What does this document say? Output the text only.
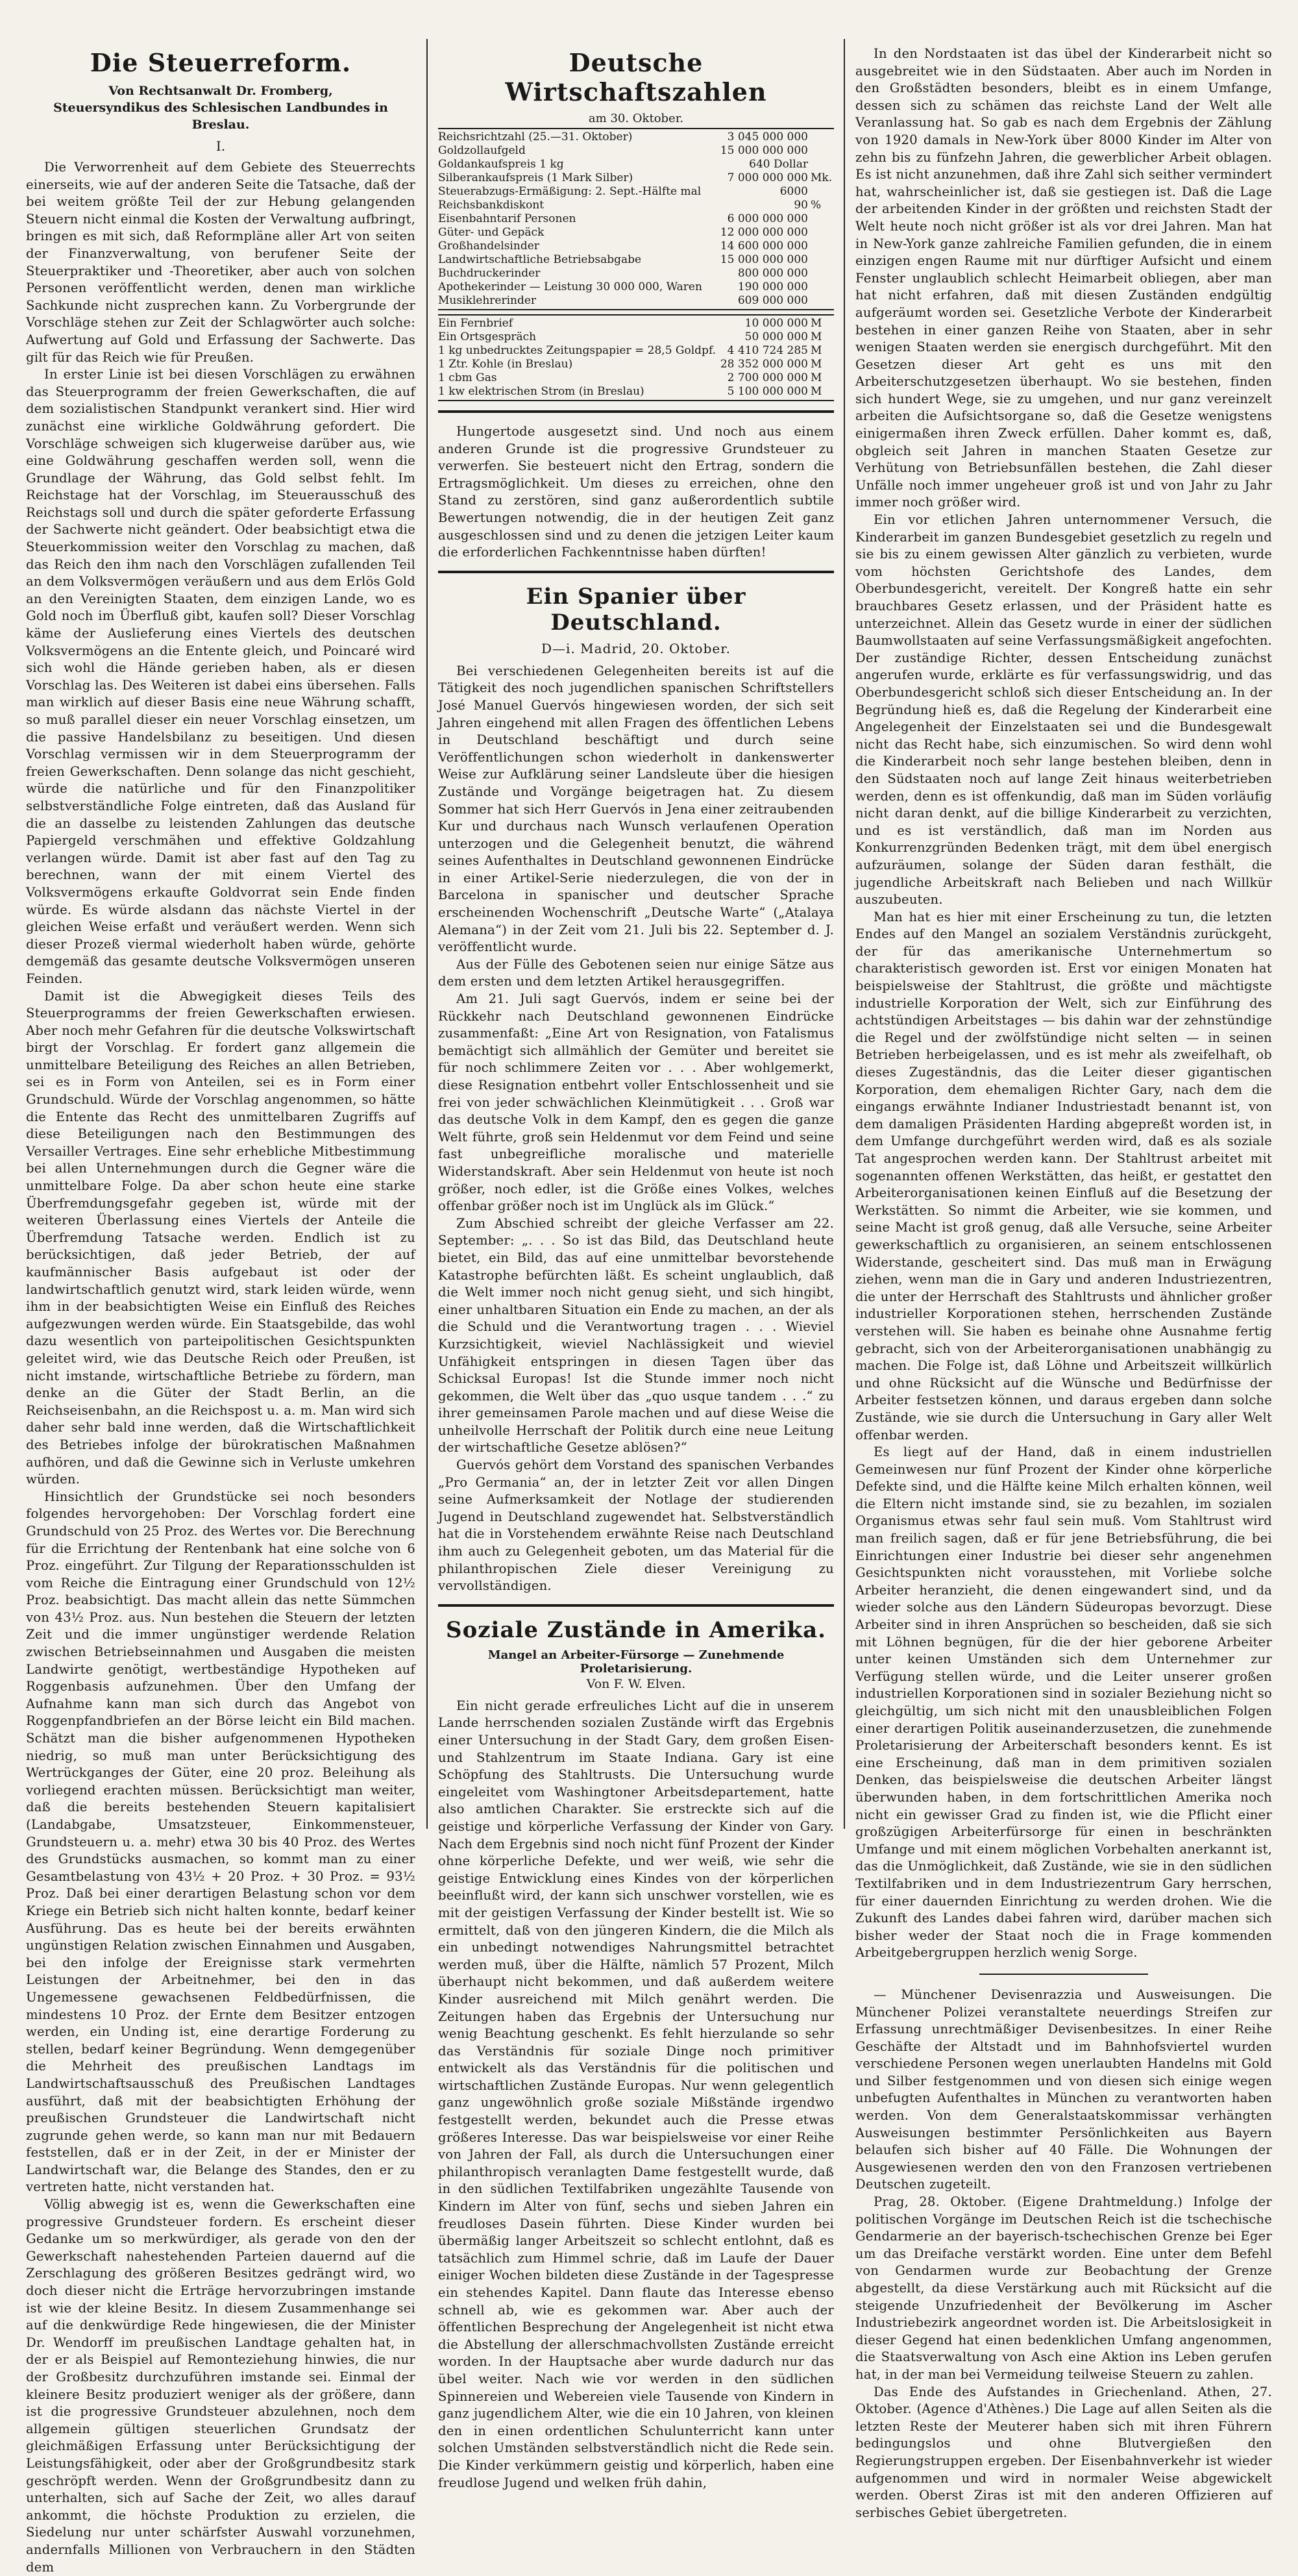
Die Steuerreform.
Von Rechtsanwalt Dr. Fromberg,
Steuersyndikus des Schlesischen Landbundes in Breslau.
I.

Die Verworrenheit auf dem Gebiete des Steuerrechts einerseits, wie auf der anderen Seite die Tatsache, daß der bei weitem größte Teil der zur Hebung gelangenden Steuern nicht einmal die Kosten der Verwaltung aufbringt, bringen es mit sich, daß Reformpläne aller Art von seiten der Finanzverwaltung, von berufener Seite der Steuerpraktiker und -Theoretiker, aber auch von solchen Personen veröffentlicht werden, denen man wirkliche Sachkunde nicht zusprechen kann. Zu Vorbergrunde der Vorschläge stehen zur Zeit der Schlagwörter auch solche: Aufwertung auf Gold und Erfassung der Sachwerte. Das gilt für das Reich wie für Preußen.

In erster Linie ist bei diesen Vorschlägen zu erwähnen das Steuerprogramm der freien Gewerkschaften, die auf dem sozialistischen Standpunkt verankert sind. Hier wird zunächst eine wirkliche Goldwährung gefordert. Die Vorschläge schweigen sich klugerweise darüber aus, wie eine Goldwährung geschaffen werden soll, wenn die Grundlage der Währung, das Gold selbst fehlt. Im Reichstage hat der Vorschlag, im Steuerausschuß des Reichstags soll und durch die später geforderte Erfassung der Sachwerte nicht geändert. Oder beabsichtigt etwa die Steuerkommission weiter den Vorschlag zu machen, daß das Reich den ihm nach den Vorschlägen zufallenden Teil an dem Volksvermögen veräußern und aus dem Erlös Gold an den Vereinigten Staaten, dem einzigen Lande, wo es Gold noch im Überfluß gibt, kaufen soll? Dieser Vorschlag käme der Auslieferung eines Viertels des deutschen Volksvermögens an die Entente gleich, und Poincaré wird sich wohl die Hände gerieben haben, als er diesen Vorschlag las. Des Weiteren ist dabei eins übersehen. Falls man wirklich auf dieser Basis eine neue Währung schafft, so muß parallel dieser ein neuer Vorschlag einsetzen, um die passive Handelsbilanz zu beseitigen. Und diesen Vorschlag vermissen wir in dem Steuerprogramm der freien Gewerkschaften. Denn solange das nicht geschieht, würde die natürliche und für den Finanzpolitiker selbstverständliche Folge eintreten, daß das Ausland für die an dasselbe zu leistenden Zahlungen das deutsche Papiergeld verschmähen und effektive Goldzahlung verlangen würde. Damit ist aber fast auf den Tag zu berechnen, wann der mit einem Viertel des Volksvermögens erkaufte Goldvorrat sein Ende finden würde. Es würde alsdann das nächste Viertel in der gleichen Weise erfaßt und veräußert werden. Wenn sich dieser Prozeß viermal wiederholt haben würde, gehörte demgemäß das gesamte deutsche Volksvermögen unseren Feinden.

Damit ist die Abwegigkeit dieses Teils des Steuerprogramms der freien Gewerkschaften erwiesen. Aber noch mehr Gefahren für die deutsche Volkswirtschaft birgt der Vorschlag. Er fordert ganz allgemein die unmittelbare Beteiligung des Reiches an allen Betrieben, sei es in Form von Anteilen, sei es in Form einer Grundschuld. Würde der Vorschlag angenommen, so hätte die Entente das Recht des unmittelbaren Zugriffs auf diese Beteiligungen nach den Bestimmungen des Versailler Vertrages. Eine sehr erhebliche Mitbestimmung bei allen Unternehmungen durch die Gegner wäre die unmittelbare Folge. Da aber schon heute eine starke Überfremdungsgefahr gegeben ist, würde mit der weiteren Überlassung eines Viertels der Anteile die Überfremdung Tatsache werden. Endlich ist zu berücksichtigen, daß jeder Betrieb, der auf kaufmännischer Basis aufgebaut ist oder der landwirtschaftlich genutzt wird, stark leiden würde, wenn ihm in der beabsichtigten Weise ein Einfluß des Reiches aufgezwungen werden würde. Ein Staatsgebilde, das wohl dazu wesentlich von parteipolitischen Gesichtspunkten geleitet wird, wie das Deutsche Reich oder Preußen, ist nicht imstande, wirtschaftliche Betriebe zu fördern, man denke an die Güter der Stadt Berlin, an die Reichseisenbahn, an die Reichspost u. a. m. Man wird sich daher sehr bald inne werden, daß die Wirtschaftlichkeit des Betriebes infolge der bürokratischen Maßnahmen aufhören, und daß die Gewinne sich in Verluste umkehren würden.

Hinsichtlich der Grundstücke sei noch besonders folgendes hervorgehoben: Der Vorschlag fordert eine Grundschuld von 25 Proz. des Wertes vor. Die Berechnung für die Errichtung der Rentenbank hat eine solche von 6 Proz. eingeführt. Zur Tilgung der Reparationsschulden ist vom Reiche die Eintragung einer Grundschuld von 12½ Proz. beabsichtigt. Das macht allein das nette Sümmchen von 43½ Proz. aus. Nun bestehen die Steuern der letzten Zeit und die immer ungünstiger werdende Relation zwischen Betriebseinnahmen und Ausgaben die meisten Landwirte genötigt, wertbeständige Hypotheken auf Roggenbasis aufzunehmen. Über den Umfang der Aufnahme kann man sich durch das Angebot von Roggenpfandbriefen an der Börse leicht ein Bild machen. Schätzt man die bisher aufgenommenen Hypotheken niedrig, so muß man unter Berücksichtigung des Wertrückganges der Güter, eine 20 proz. Beleihung als vorliegend erachten müssen. Berücksichtigt man weiter, daß die bereits bestehenden Steuern kapitalisiert (Landabgabe, Umsatzsteuer, Einkommensteuer, Grundsteuern u. a. mehr) etwa 30 bis 40 Proz. des Wertes des Grundstücks ausmachen, so kommt man zu einer Gesamtbelastung von 43½ + 20 Proz. + 30 Proz. = 93½ Proz. Daß bei einer derartigen Belastung schon vor dem Kriege ein Betrieb sich nicht halten konnte, bedarf keiner Ausführung. Das es heute bei der bereits erwähnten ungünstigen Relation zwischen Einnahmen und Ausgaben, bei den infolge der Ereignisse stark vermehrten Leistungen der Arbeitnehmer, bei den in das Ungemessene gewachsenen Feldbedürfnissen, die mindestens 10 Proz. der Ernte dem Besitzer entzogen werden, ein Unding ist, eine derartige Forderung zu stellen, bedarf keiner Begründung. Wenn demgegenüber die Mehrheit des preußischen Landtags im Landwirtschaftsausschuß des Preußischen Landtages ausführt, daß mit der beabsichtigten Erhöhung der preußischen Grundsteuer die Landwirtschaft nicht zugrunde gehen werde, so kann man nur mit Bedauern feststellen, daß er in der Zeit, in der er Minister der Landwirtschaft war, die Belange des Standes, den er zu vertreten hatte, nicht verstanden hat.

Völlig abwegig ist es, wenn die Gewerkschaften eine progressive Grundsteuer fordern. Es erscheint dieser Gedanke um so merkwürdiger, als gerade von den der Gewerkschaft nahestehenden Parteien dauernd auf die Zerschlagung des größeren Besitzes gedrängt wird, wo doch dieser nicht die Erträge hervorzubringen imstande ist wie der kleine Besitz. In diesem Zusammenhange sei auf die denkwürdige Rede hingewiesen, die der Minister Dr. Wendorff im preußischen Landtage gehalten hat, in der er als Beispiel auf Remonteziehung hinwies, die nur der Großbesitz durchzuführen imstande sei. Einmal der kleinere Besitz produziert weniger als der größere, dann ist die progressive Grundsteuer abzulehnen, noch dem allgemein gültigen steuerlichen Grundsatz der gleichmäßigen Erfassung unter Berücksichtigung der Leistungsfähigkeit, oder aber der Großgrundbesitz stark geschröpft werden. Wenn der Großgrundbesitz dann zu unterhalten, sich auf Sache der Zeit, wo alles darauf ankommt, die höchste Produktion zu erzielen, die Siedelung nur unter schärfster Auswahl vorzunehmen, andernfalls Millionen von Verbrauchern in den Städten dem

Deutsche Wirtschaftszahlen
am 30. Oktober.
Reichsrichtzahl (25.—31. Oktober)	3 045 000 000	
Goldzollaufgeld	15 000 000 000	
Goldankaufspreis 1 kg	640 Dollar	
Silberankaufspreis (1 Mark Silber)	7 000 000 000	Mk.
Steuerabzugs-Ermäßigung: 2. Sept.-Hälfte mal	6000	
Reichsbankdiskont	90	%
Eisenbahntarif Personen	6 000 000 000	
Güter- und Gepäck	12 000 000 000	
Großhandelsinder	14 600 000 000	
Landwirtschaftliche Betriebsabgabe	15 000 000 000	
Buchdruckerinder	800 000 000	
Apothekerinder — Leistung 30 000 000, Waren	190 000 000	
Musiklehrerinder	609 000 000	
Ein Fernbrief	10 000 000	M
Ein Ortsgespräch	50 000 000	M
1 kg unbedrucktes Zeitungspapier = 28,5 Goldpf.	4 410 724 285	M
1 Ztr. Kohle (in Breslau)	28 352 000 000	M
1 cbm Gas	2 700 000 000	M
1 kw elektrischen Strom (in Breslau)	5 100 000 000	M

Hungertode ausgesetzt sind. Und noch aus einem anderen Grunde ist die progressive Grundsteuer zu verwerfen. Sie besteuert nicht den Ertrag, sondern die Ertragsmöglichkeit. Um dieses zu erreichen, ohne den Stand zu zerstören, sind ganz außerordentlich subtile Bewertungen notwendig, die in der heutigen Zeit ganz ausgeschlossen sind und zu denen die jetzigen Leiter kaum die erforderlichen Fachkenntnisse haben dürften!

Ein Spanier über Deutschland.
D—i. Madrid, 20. Oktober.

Bei verschiedenen Gelegenheiten bereits ist auf die Tätigkeit des noch jugendlichen spanischen Schriftstellers José Manuel Guervós hingewiesen worden, der sich seit Jahren eingehend mit allen Fragen des öffentlichen Lebens in Deutschland beschäftigt und durch seine Veröffentlichungen schon wiederholt in dankenswerter Weise zur Aufklärung seiner Landsleute über die hiesigen Zustände und Vorgänge beigetragen hat. Zu diesem Sommer hat sich Herr Guervós in Jena einer zeitraubenden Kur und durchaus nach Wunsch verlaufenen Operation unterzogen und die Gelegenheit benutzt, die während seines Aufenthaltes in Deutschland gewonnenen Eindrücke in einer Artikel-Serie niederzulegen, die von der in Barcelona in spanischer und deutscher Sprache erscheinenden Wochenschrift „Deutsche Warte“ („Atalaya Alemana“) in der Zeit vom 21. Juli bis 22. September d. J. veröffentlicht wurde.

Aus der Fülle des Gebotenen seien nur einige Sätze aus dem ersten und dem letzten Artikel herausgegriffen.

Am 21. Juli sagt Guervós, indem er seine bei der Rückkehr nach Deutschland gewonnenen Eindrücke zusammenfaßt: „Eine Art von Resignation, von Fatalismus bemächtigt sich allmählich der Gemüter und bereitet sie für noch schlimmere Zeiten vor . . . Aber wohlgemerkt, diese Resignation entbehrt voller Entschlossenheit und sie frei von jeder schwächlichen Kleinmütigkeit . . . Groß war das deutsche Volk in dem Kampf, den es gegen die ganze Welt führte, groß sein Heldenmut vor dem Feind und seine fast unbegreifliche moralische und materielle Widerstandskraft. Aber sein Heldenmut von heute ist noch größer, noch edler, ist die Größe eines Volkes, welches offenbar größer noch ist im Unglück als im Glück.“

Zum Abschied schreibt der gleiche Verfasser am 22. September: „. . . So ist das Bild, das Deutschland heute bietet, ein Bild, das auf eine unmittelbar bevorstehende Katastrophe befürchten läßt. Es scheint unglaublich, daß die Welt immer noch nicht genug sieht, und sich hingibt, einer unhaltbaren Situation ein Ende zu machen, an der als die Schuld und die Verantwortung tragen . . . Wieviel Kurzsichtigkeit, wieviel Nachlässigkeit und wieviel Unfähigkeit entspringen in diesen Tagen über das Schicksal Europas! Ist die Stunde immer noch nicht gekommen, die Welt über das „quo usque tandem . . .“ zu ihrer gemeinsamen Parole machen und auf diese Weise die unheilvolle Herrschaft der Politik durch eine neue Leitung der wirtschaftliche Gesetze ablösen?“

Guervós gehört dem Vorstand des spanischen Verbandes „Pro Germania“ an, der in letzter Zeit vor allen Dingen seine Aufmerksamkeit der Notlage der studierenden Jugend in Deutschland zugewendet hat. Selbstverständlich hat die in Vorstehendem erwähnte Reise nach Deutschland ihm auch zu Gelegenheit geboten, um das Material für die philanthropischen Ziele dieser Vereinigung zu vervollständigen.

Soziale Zustände in Amerika.
Mangel an Arbeiter-Fürsorge — Zunehmende Proletarisierung.
Von F. W. Elven.

Ein nicht gerade erfreuliches Licht auf die in unserem Lande herrschenden sozialen Zustände wirft das Ergebnis einer Untersuchung in der Stadt Gary, dem großen Eisen- und Stahlzentrum im Staate Indiana. Gary ist eine Schöpfung des Stahltrusts. Die Untersuchung wurde eingeleitet vom Washingtoner Arbeitsdepartement, hatte also amtlichen Charakter. Sie erstreckte sich auf die geistige und körperliche Verfassung der Kinder von Gary. Nach dem Ergebnis sind noch nicht fünf Prozent der Kinder ohne körperliche Defekte, und wer weiß, wie sehr die geistige Entwicklung eines Kindes von der körperlichen beeinflußt wird, der kann sich unschwer vorstellen, wie es mit der geistigen Verfassung der Kinder bestellt ist. Wie so ermittelt, daß von den jüngeren Kindern, die die Milch als ein unbedingt notwendiges Nahrungsmittel betrachtet werden muß, über die Hälfte, nämlich 57 Prozent, Milch überhaupt nicht bekommen, und daß außerdem weitere Kinder ausreichend mit Milch genährt werden. Die Zeitungen haben das Ergebnis der Untersuchung nur wenig Beachtung geschenkt. Es fehlt hierzulande so sehr das Verständnis für soziale Dinge noch primitiver entwickelt als das Verständnis für die politischen und wirtschaftlichen Zustände Europas. Nur wenn gelegentlich ganz ungewöhnlich große soziale Mißstände irgendwo festgestellt werden, bekundet auch die Presse etwas größeres Interesse. Das war beispielsweise vor einer Reihe von Jahren der Fall, als durch die Untersuchungen einer philanthropisch veranlagten Dame festgestellt wurde, daß in den südlichen Textilfabriken ungezählte Tausende von Kindern im Alter von fünf, sechs und sieben Jahren ein freudloses Dasein führten. Diese Kinder wurden bei übermäßig langer Arbeitszeit so schlecht entlohnt, daß es tatsächlich zum Himmel schrie, daß im Laufe der Dauer einiger Wochen bildeten diese Zustände in der Tagespresse ein stehendes Kapitel. Dann flaute das Interesse ebenso schnell ab, wie es gekommen war. Aber auch der öffentlichen Besprechung der Angelegenheit ist nicht etwa die Abstellung der allerschmachvollsten Zustände erreicht worden. In der Hauptsache aber wurde dadurch nur das übel weiter. Nach wie vor werden in den südlichen Spinnereien und Webereien viele Tausende von Kindern in ganz jugendlichem Alter, wie die ein 10 Jahren, von kleinen den in einen ordentlichen Schulunterricht kann unter solchen Umständen selbstverständlich nicht die Rede sein. Die Kinder verkümmern geistig und körperlich, haben eine freudlose Jugend und welken früh dahin,

In den Nordstaaten ist das übel der Kinderarbeit nicht so ausgebreitet wie in den Südstaaten. Aber auch im Norden in den Großstädten besonders, bleibt es in einem Umfange, dessen sich zu schämen das reichste Land der Welt alle Veranlassung hat. So gab es nach dem Ergebnis der Zählung von 1920 damals in New-York über 8000 Kinder im Alter von zehn bis zu fünfzehn Jahren, die gewerblicher Arbeit oblagen. Es ist nicht anzunehmen, daß ihre Zahl sich seither vermindert hat, wahrscheinlicher ist, daß sie gestiegen ist. Daß die Lage der arbeitenden Kinder in der größten und reichsten Stadt der Welt heute noch nicht größer ist als vor drei Jahren. Man hat in New-York ganze zahlreiche Familien gefunden, die in einem einzigen engen Raume mit nur dürftiger Aufsicht und einem Fenster unglaublich schlecht Heimarbeit obliegen, aber man hat nicht erfahren, daß mit diesen Zuständen endgültig aufgeräumt worden sei. Gesetzliche Verbote der Kinderarbeit bestehen in einer ganzen Reihe von Staaten, aber in sehr wenigen Staaten werden sie energisch durchgeführt. Mit den Gesetzen dieser Art geht es uns mit den Arbeiterschutzgesetzen überhaupt. Wo sie bestehen, finden sich hundert Wege, sie zu umgehen, und nur ganz vereinzelt arbeiten die Aufsichtsorgane so, daß die Gesetze wenigstens einigermaßen ihren Zweck erfüllen. Daher kommt es, daß, obgleich seit Jahren in manchen Staaten Gesetze zur Verhütung von Betriebsunfällen bestehen, die Zahl dieser Unfälle noch immer ungeheuer groß ist und von Jahr zu Jahr immer noch größer wird.

Ein vor etlichen Jahren unternommener Versuch, die Kinderarbeit im ganzen Bundesgebiet gesetzlich zu regeln und sie bis zu einem gewissen Alter gänzlich zu verbieten, wurde vom höchsten Gerichtshofe des Landes, dem Oberbundesgericht, vereitelt. Der Kongreß hatte ein sehr brauchbares Gesetz erlassen, und der Präsident hatte es unterzeichnet. Allein das Gesetz wurde in einer der südlichen Baumwollstaaten auf seine Verfassungsmäßigkeit angefochten. Der zuständige Richter, dessen Entscheidung zunächst angerufen wurde, erklärte es für verfassungswidrig, und das Oberbundesgericht schloß sich dieser Entscheidung an. In der Begründung hieß es, daß die Regelung der Kinderarbeit eine Angelegenheit der Einzelstaaten sei und die Bundesgewalt nicht das Recht habe, sich einzumischen. So wird denn wohl die Kinderarbeit noch sehr lange bestehen bleiben, denn in den Südstaaten noch auf lange Zeit hinaus weiterbetrieben werden, denn es ist offenkundig, daß man im Süden vorläufig nicht daran denkt, auf die billige Kinderarbeit zu verzichten, und es ist verständlich, daß man im Norden aus Konkurrenzgründen Bedenken trägt, mit dem übel energisch aufzuräumen, solange der Süden daran festhält, die jugendliche Arbeitskraft nach Belieben und nach Willkür auszubeuten.

Man hat es hier mit einer Erscheinung zu tun, die letzten Endes auf den Mangel an sozialem Verständnis zurückgeht, der für das amerikanische Unternehmertum so charakteristisch geworden ist. Erst vor einigen Monaten hat beispielsweise der Stahltrust, die größte und mächtigste industrielle Korporation der Welt, sich zur Einführung des achtstündigen Arbeitstages — bis dahin war der zehnstündige die Regel und der zwölfstündige nicht selten — in seinen Betrieben herbeigelassen, und es ist mehr als zweifelhaft, ob dieses Zugeständnis, das die Leiter dieser gigantischen Korporation, dem ehemaligen Richter Gary, nach dem die eingangs erwähnte Indianer Industriestadt benannt ist, von dem damaligen Präsidenten Harding abgepreßt worden ist, in dem Umfange durchgeführt werden wird, daß es als soziale Tat angesprochen werden kann. Der Stahltrust arbeitet mit sogenannten offenen Werkstätten, das heißt, er gestattet den Arbeiterorganisationen keinen Einfluß auf die Besetzung der Werkstätten. So nimmt die Arbeiter, wie sie kommen, und seine Macht ist groß genug, daß alle Versuche, seine Arbeiter gewerkschaftlich zu organisieren, an seinem entschlossenen Widerstande, gescheitert sind. Das muß man in Erwägung ziehen, wenn man die in Gary und anderen Industriezentren, die unter der Herrschaft des Stahltrusts und ähnlicher großer industrieller Korporationen stehen, herrschenden Zustände verstehen will. Sie haben es beinahe ohne Ausnahme fertig gebracht, sich von der Arbeiterorganisationen unabhängig zu machen. Die Folge ist, daß Löhne und Arbeitszeit willkürlich und ohne Rücksicht auf die Wünsche und Bedürfnisse der Arbeiter festsetzen können, und daraus ergeben dann solche Zustände, wie sie durch die Untersuchung in Gary aller Welt offenbar werden.

Es liegt auf der Hand, daß in einem industriellen Gemeinwesen nur fünf Prozent der Kinder ohne körperliche Defekte sind, und die Hälfte keine Milch erhalten können, weil die Eltern nicht imstande sind, sie zu bezahlen, im sozialen Organismus etwas sehr faul sein muß. Vom Stahltrust wird man freilich sagen, daß er für jene Betriebsführung, die bei Einrichtungen einer Industrie bei dieser sehr angenehmen Gesichtspunkten nicht vorausstehen, mit Vorliebe solche Arbeiter heranzieht, die denen eingewandert sind, und da wieder solche aus den Ländern Südeuropas bevorzugt. Diese Arbeiter sind in ihren Ansprüchen so bescheiden, daß sie sich mit Löhnen begnügen, für die der hier geborene Arbeiter unter keinen Umständen sich dem Unternehmer zur Verfügung stellen würde, und die Leiter unserer großen industriellen Korporationen sind in sozialer Beziehung nicht so gleichgültig, um sich nicht mit den unausbleiblichen Folgen einer derartigen Politik auseinanderzusetzen, die zunehmende Proletarisierung der Arbeiterschaft besonders kennt. Es ist eine Erscheinung, daß man in dem primitiven sozialen Denken, das beispielsweise die deutschen Arbeiter längst überwunden haben, in dem fortschrittlichen Amerika noch nicht ein gewisser Grad zu finden ist, wie die Pflicht einer großzügigen Arbeiterfürsorge für einen in beschränkten Umfange und mit einem möglichen Vorbehalten anerkannt ist, das die Unmöglichkeit, daß Zustände, wie sie in den südlichen Textilfabriken und in dem Industriezentrum Gary herrschen, für einer dauernden Einrichtung zu werden drohen. Wie die Zukunft des Landes dabei fahren wird, darüber machen sich bisher weder der Staat noch die in Frage kommenden Arbeitgebergruppen herzlich wenig Sorge.

— Münchener Devisenrazzia und Ausweisungen. Die Münchener Polizei veranstaltete neuerdings Streifen zur Erfassung unrechtmäßiger Devisenbesitzes. In einer Reihe Geschäfte der Altstadt und im Bahnhofsviertel wurden verschiedene Personen wegen unerlaubten Handelns mit Gold und Silber festgenommen und von diesen sich einige wegen unbefugten Aufenthaltes in München zu verantworten haben werden. Von dem Generalstaatskommissar verhängten Ausweisungen bestimmter Persönlichkeiten aus Bayern belaufen sich bisher auf 40 Fälle. Die Wohnungen der Ausgewiesenen werden den von den Franzosen vertriebenen Deutschen zugeteilt.

Prag, 28. Oktober. (Eigene Drahtmeldung.) Infolge der politischen Vorgänge im Deutschen Reich ist die tschechische Gendarmerie an der bayerisch-tschechischen Grenze bei Eger um das Dreifache verstärkt worden. Eine unter dem Befehl von Gendarmen wurde zur Beobachtung der Grenze abgestellt, da diese Verstärkung auch mit Rücksicht auf die steigende Unzufriedenheit der Bevölkerung im Ascher Industriebezirk angeordnet worden ist. Die Arbeitslosigkeit in dieser Gegend hat einen bedenklichen Umfang angenommen, die Staatsverwaltung von Asch eine Aktion ins Leben gerufen hat, in der man bei Vermeidung teilweise Steuern zu zahlen.

Das Ende des Aufstandes in Griechenland. Athen, 27. Oktober. (Agence d'Athènes.) Die Lage auf allen Seiten als die letzten Reste der Meuterer haben sich mit ihren Führern bedingungslos und ohne Blutvergießen den Regierungstruppen ergeben. Der Eisenbahnverkehr ist wieder aufgenommen und wird in normaler Weise abgewickelt werden. Oberst Ziras ist mit den anderen Offizieren auf serbisches Gebiet übergetreten.
